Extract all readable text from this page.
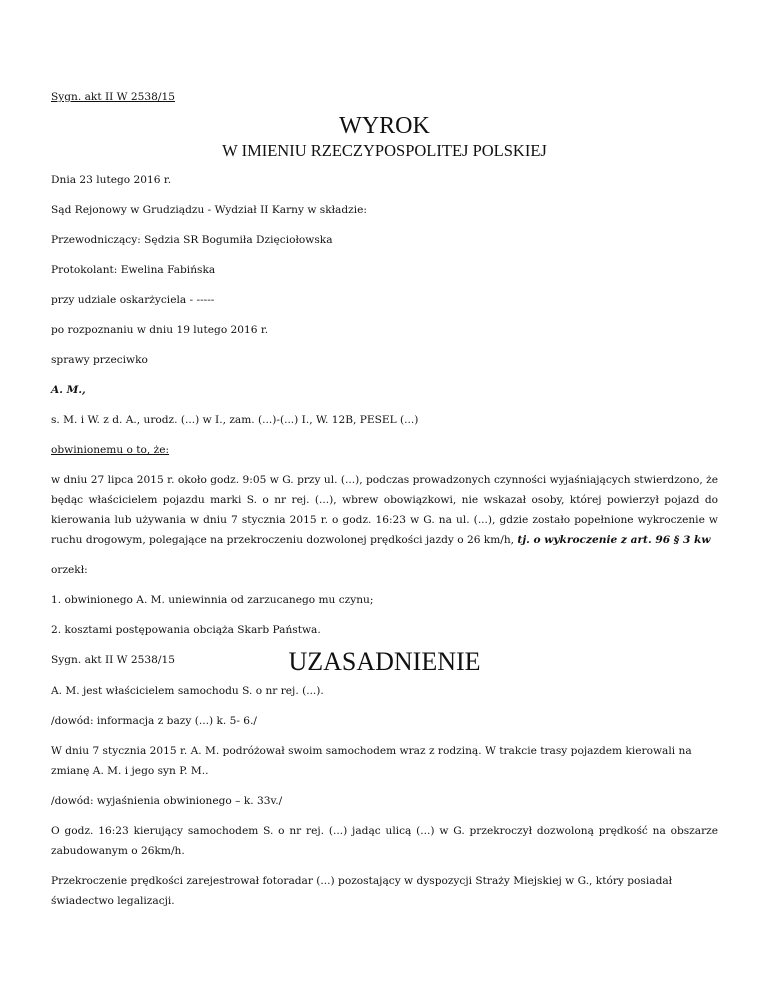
Sygn. akt II W 2538/15

WYROK
W IMIENIU RZECZYPOSPOLITEJ POLSKIEJ

Dnia 23 lutego 2016 r.

Sąd Rejonowy w Grudziądzu - Wydział II Karny w składzie:

Przewodniczący: Sędzia SR Bogumiła Dzięciołowska

Protokolant: Ewelina Fabińska

przy udziale oskarżyciela - -----

po rozpoznaniu w dniu 19 lutego 2016 r.

sprawy przeciwko

A. M.,

s. M. i W. z d. A., urodz. (...) w I., zam. (...)-(...) I., W. 12B, PESEL (...)

obwinionemu o to, że:

w dniu 27 lipca 2015 r. około godz. 9:05 w G. przy ul. (...), podczas prowadzonych czynności wyjaśniających stwierdzono, że będąc właścicielem pojazdu marki S. o nr rej. (...), wbrew obowiązkowi, nie wskazał osoby, której powierzył pojazd do kierowania lub używania w dniu 7 stycznia 2015 r. o godz. 16:23 w G. na ul. (...), gdzie zostało popełnione wykroczenie w ruchu drogowym, polegające na przekroczeniu dozwolonej prędkości jazdy o 26 km/h, tj. o wykroczenie z art. 96 § 3 kw

orzekł:

1. obwinionego A. M. uniewinnia od zarzucanego mu czynu;

2. kosztami postępowania obciąża Skarb Państwa.

Sygn. akt II W 2538/15	UZASADNIENIE

A. M. jest właścicielem samochodu S. o nr rej. (...).

/dowód: informacja z bazy (...) k. 5- 6./

W dniu 7 stycznia 2015 r. A. M. podróżował swoim samochodem wraz z rodziną. W trakcie trasy pojazdem kierowali na zmianę A. M. i jego syn P. M..

/dowód: wyjaśnienia obwinionego – k. 33v./

O godz. 16:23 kierujący samochodem S. o nr rej. (...) jadąc ulicą (...) w G. przekroczył dozwoloną prędkość na obszarze zabudowanym o 26km/h.

Przekroczenie prędkości zarejestrował fotoradar (...) pozostający w dyspozycji Straży Miejskiej w G., który posiadał świadectwo legalizacji.
